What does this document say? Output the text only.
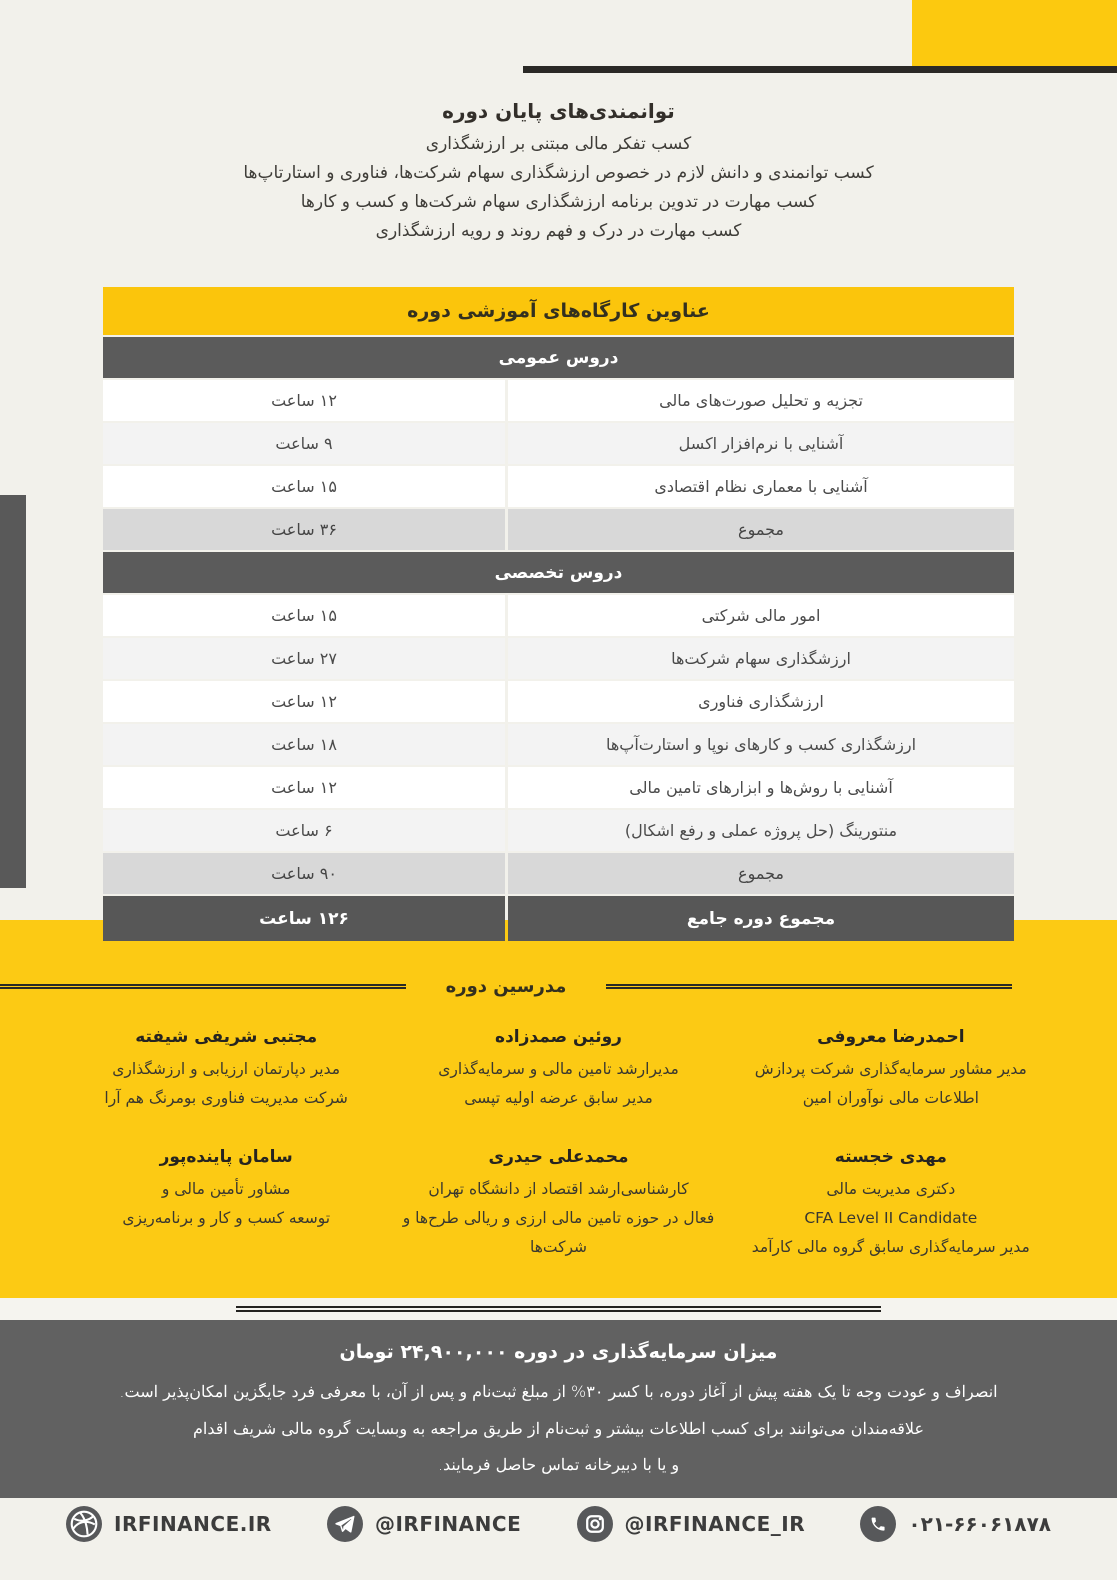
توانمندی‌های پایان دوره

کسب تفکر مالی مبتنی بر ارزشگذاری

کسب توانمندی و دانش لازم در خصوص ارزشگذاری سهام شرکت‌ها، فناوری و استارتاپ‌ها

کسب مهارت در تدوین برنامه ارزشگذاری سهام شرکت‌ها و کسب و کارها

کسب مهارت در درک و فهم روند و رویه ارزشگذاری

عناوین کارگاه‌های آموزشی دوره
دروس عمومی
تجزیه و تحلیل صورت‌های مالی
۱۲ ساعت
آشنایی با نرم‌افزار اکسل
۹ ساعت
آشنایی با معماری نظام اقتصادی
۱۵ ساعت
مجموع
۳۶ ساعت
دروس تخصصی
امور مالی شرکتی
۱۵ ساعت
ارزشگذاری سهام شرکت‌ها
۲۷ ساعت
ارزشگذاری فناوری
۱۲ ساعت
ارزشگذاری کسب و کارهای نوپا و استارت‌آپ‌ها
۱۸ ساعت
آشنایی با روش‌ها و ابزارهای تامین مالی
۱۲ ساعت
منتورینگ (حل پروژه عملی و رفع اشکال)
۶ ساعت
مجموع
۹۰ ساعت
مجموع دوره جامع
۱۲۶ ساعت
مدرسین دوره
احمدرضا معروفی
مدیر مشاور سرمایه‌گذاری شرکت پردازش
اطلاعات مالی نوآوران امین
روئین صمدزاده
مدیرارشد تامین مالی و سرمایه‌گذاری
مدیر سابق عرضه اولیه تپسی
مجتبی شریفی شیفته
مدیر دپارتمان ارزیابی و ارزشگذاری
شرکت مدیریت فناوری بومرنگ هم آرا
مهدی خجسته
دکتری مدیریت مالی
CFA Level II Candidate
مدیر سرمایه‌گذاری سابق گروه مالی کارآمد
محمدعلی حیدری
کارشناسی‌ارشد اقتصاد از دانشگاه تهران
فعال در حوزه تامین مالی ارزی و ریالی طرح‌ها و شرکت‌ها
سامان پاینده‌پور
مشاور تأمین مالی و
توسعه کسب و کار و برنامه‌ریزی
میزان سرمایه‌گذاری در دوره ۲۴,۹۰۰,۰۰۰ تومان

انصراف و عودت وجه تا یک هفته پیش از آغاز دوره، با کسر ۳۰% از مبلغ ثبت‌نام و پس از آن، با معرفی فرد جایگزین امکان‌پذیر است.

علاقه‌مندان می‌توانند برای کسب اطلاعات بیشتر و ثبت‌نام از طریق مراجعه به وبسایت گروه مالی شریف اقدام

و یا با دبیرخانه تماس حاصل فرمایند.

۰۲۱-۶۶۰۶۱۸۷۸
@IRFINANCE_IR
@IRFINANCE
IRFINANCE.IR
